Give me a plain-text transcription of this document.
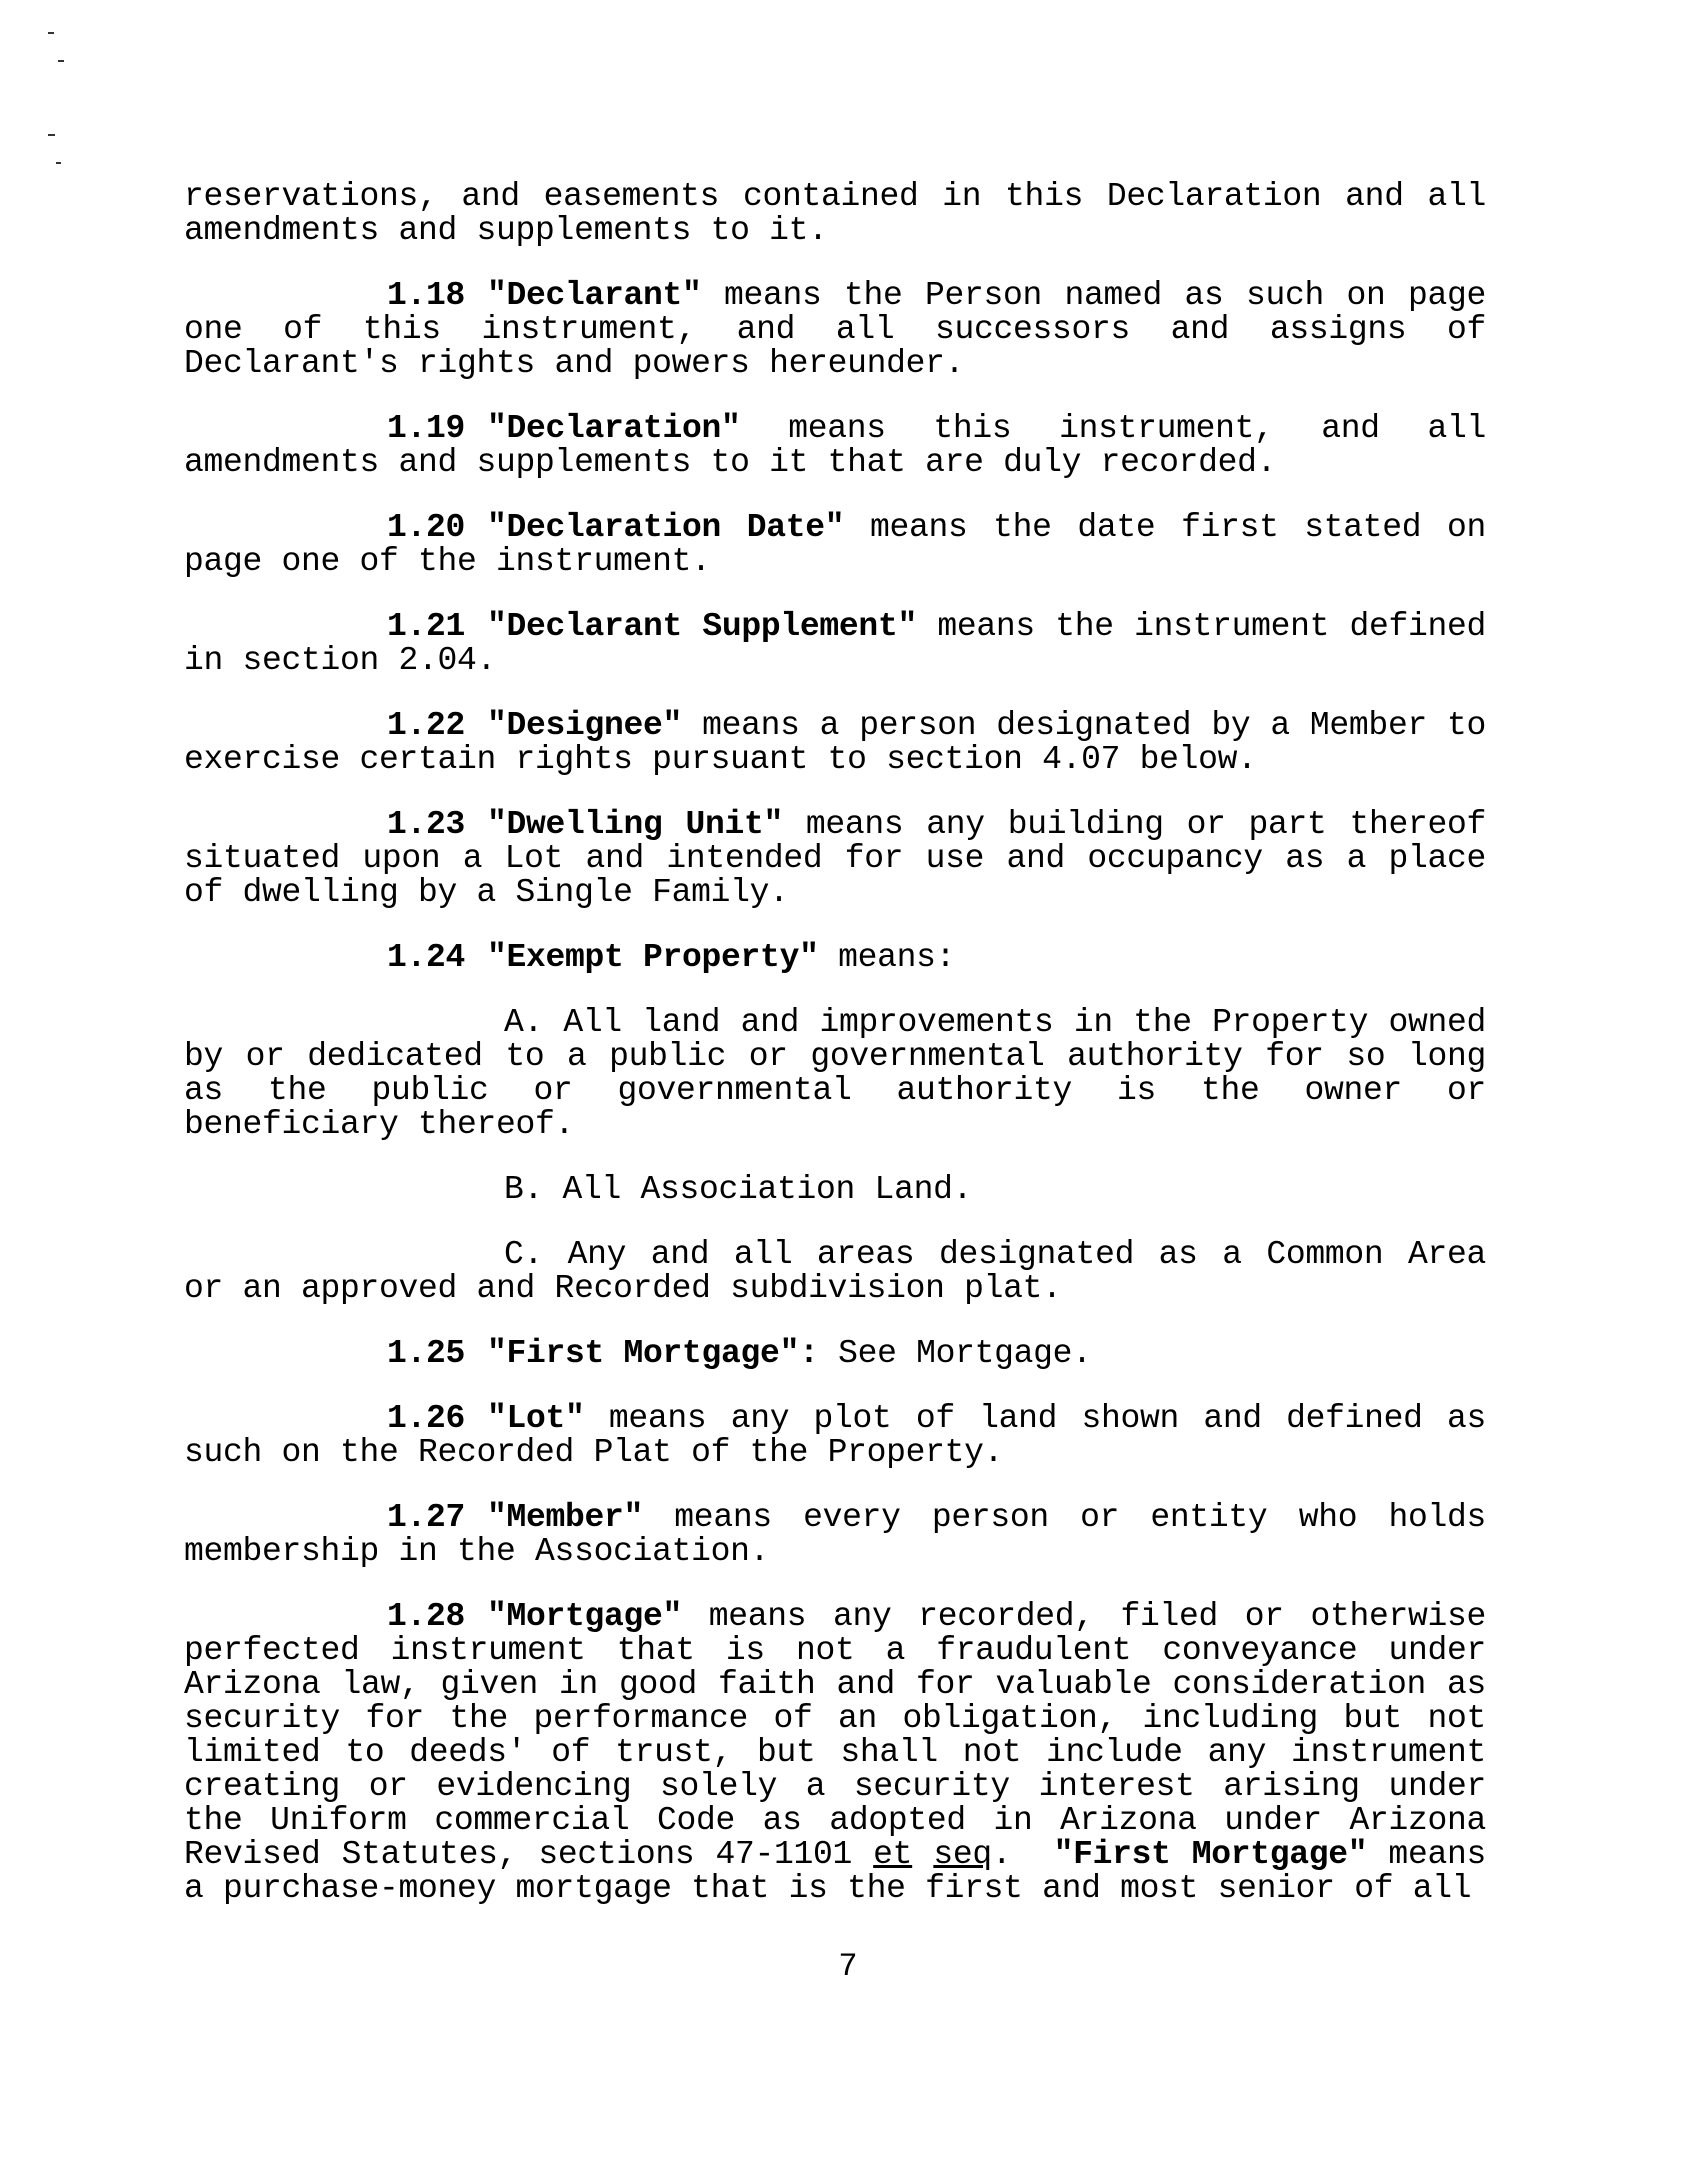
reservations, and easements contained in this Declaration and all amendments and supplements to it.

1.18 "Declarant" means the Person named as such on page one of this instrument, and all successors and assigns of Declarant's rights and powers hereunder.

1.19 "Declaration" means this instrument, and all amendments and supplements to it that are duly recorded.

1.20 "Declaration Date" means the date first stated on page one of the instrument.

1.21 "Declarant Supplement" means the instrument defined in section 2.04.

1.22 "Designee" means a person designated by a Member to exercise certain rights pursuant to section 4.07 below.

1.23 "Dwelling Unit" means any building or part thereof situated upon a Lot and intended for use and occupancy as a place of dwelling by a Single Family.

1.24 "Exempt Property" means:

A. All land and improvements in the Property owned by or dedicated to a public or governmental authority for so long as the public or governmental authority is the owner or beneficiary thereof.

B. All Association Land.

C. Any and all areas designated as a Common Area or an approved and Recorded subdivision plat.

1.25 "First Mortgage": See Mortgage.

1.26 "Lot" means any plot of land shown and defined as such on the Recorded Plat of the Property.

1.27 "Member" means every person or entity who holds membership in the Association.

1.28 "Mortgage" means any recorded, filed or otherwise perfected instrument that is not a fraudulent conveyance under Arizona law, given in good faith and for valuable consideration as security for the performance of an obligation, including but not limited to deeds' of trust, but shall not include any instrument creating or evidencing solely a security interest arising under the Uniform commercial Code as adopted in Arizona under Arizona Revised Statutes, sections 47-1101 et seq.  "First Mortgage" means a purchase-money mortgage that is the first and most senior of all

7
